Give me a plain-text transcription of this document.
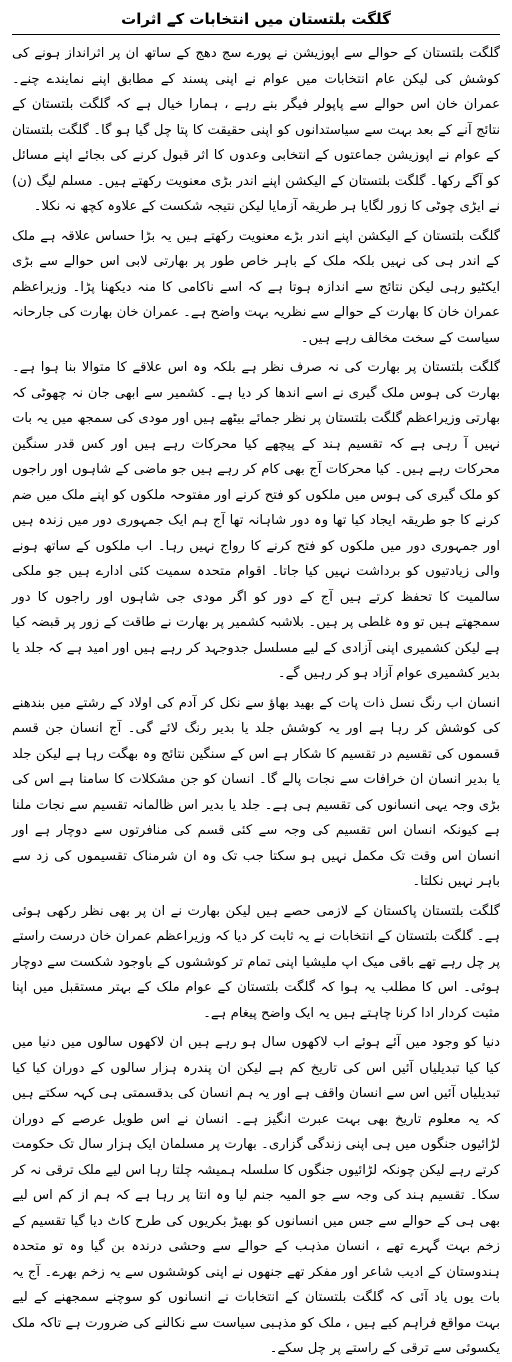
گلگت بلتستان میں انتخابات کے اثرات

گلگت بلتستان کے حوالے سے اپوزیشن نے پورے سج دھج کے ساتھ ان پر اثرانداز ہونے کی کوشش کی لیکن عام انتخابات میں عوام نے اپنی پسند کے مطابق اپنے نمایندے چنے۔ عمران خان اس حوالے سے پاپولر فیگر بنے رہے ، ہمارا خیال ہے کہ گلگت بلتستان کے نتائج آنے کے بعد بہت سے سیاستدانوں کو اپنی حقیقت کا پتا چل گیا ہو گا۔ گلگت بلتستان کے عوام نے اپوزیشن جماعتوں کے انتخابی وعدوں کا اثر قبول کرنے کی بجائے اپنے مسائل کو آگے رکھا۔ گلگت بلتستان کے الیکشن اپنے اندر بڑی معنویت رکھتے ہیں۔ مسلم لیگ (ن) نے ایڑی چوٹی کا زور لگایا ہر طریقہ آزمایا لیکن نتیجہ شکست کے علاوہ کچھ نہ نکلا۔

گلگت بلتستان کے الیکشن اپنے اندر بڑے معنویت رکھتے ہیں یہ بڑا حساس علاقہ ہے ملک کے اندر ہی کی نہیں بلکہ ملک کے باہر خاص طور پر بھارتی لابی اس حوالے سے بڑی ایکٹیو رہی لیکن نتائج سے اندازہ ہوتا ہے کہ اسے ناکامی کا منہ دیکھنا پڑا۔ وزیراعظم عمران خان کا بھارت کے حوالے سے نظریہ بہت واضح ہے۔ عمران خان بھارت کی جارحانہ سیاست کے سخت مخالف رہے ہیں۔

گلگت بلتستان پر بھارت کی نہ صرف نظر ہے بلکہ وہ اس علاقے کا متوالا بنا ہوا ہے۔ بھارت کی ہوس ملک گیری نے اسے اندھا کر دیا ہے۔ کشمیر سے ابھی جان نہ چھوٹی کہ بھارتی وزیراعظم گلگت بلتستان پر نظر جمائے بیٹھے ہیں اور مودی کی سمجھ میں یہ بات نہیں آ رہی ہے کہ تقسیم ہند کے پیچھے کیا محرکات رہے ہیں اور کس قدر سنگین محرکات رہے ہیں۔ کیا محرکات آج بھی کام کر رہے ہیں جو ماضی کے شاہوں اور راجوں کو ملک گیری کی ہوس میں ملکوں کو فتح کرنے اور مفتوحہ ملکوں کو اپنے ملک میں ضم کرنے کا جو طریقہ ایجاد کیا تھا وہ دور شاہانہ تھا آج ہم ایک جمہوری دور میں زندہ ہیں اور جمہوری دور میں ملکوں کو فتح کرنے کا رواج نہیں رہا۔ اب ملکوں کے ساتھ ہونے والی زیادتیوں کو برداشت نہیں کیا جاتا۔ اقوام متحدہ سمیت کئی ادارے ہیں جو ملکی سالمیت کا تحفظ کرتے ہیں آج کے دور کو اگر مودی جی شاہوں اور راجوں کا دور سمجھتے ہیں تو وہ غلطی پر ہیں۔ بلاشبہ کشمیر پر بھارت نے طاقت کے زور پر قبضہ کیا ہے لیکن کشمیری اپنی آزادی کے لیے مسلسل جدوجہد کر رہے ہیں اور امید ہے کہ جلد یا بدیر کشمیری عوام آزاد ہو کر رہیں گے۔

انسان اب رنگ نسل ذات پات کے بھید بھاؤ سے نکل کر آدم کی اولاد کے رشتے میں بندھنے کی کوشش کر رہا ہے اور یہ کوشش جلد یا بدیر رنگ لائے گی۔ آج انسان جن قسم قسموں کی تقسیم در تقسیم کا شکار ہے اس کے سنگین نتائج وہ بھگت رہا ہے لیکن جلد یا بدیر انسان ان خرافات سے نجات پالے گا۔ انسان کو جن مشکلات کا سامنا ہے اس کی بڑی وجہ یہی انسانوں کی تقسیم ہی ہے۔ جلد یا بدیر اس ظالمانہ تقسیم سے نجات ملنا ہے کیونکہ انسان اس تقسیم کی وجہ سے کئی قسم کی منافرتوں سے دوچار ہے اور انسان اس وقت تک مکمل نہیں ہو سکتا جب تک وہ ان شرمناک تقسیموں کی زد سے باہر نہیں نکلتا۔

گلگت بلتستان پاکستان کے لازمی حصے ہیں لیکن بھارت نے ان پر بھی نظر رکھی ہوئی ہے۔ گلگت بلتستان کے انتخابات نے یہ ثابت کر دیا کہ وزیراعظم عمران خان درست راستے پر چل رہے تھے باقی میک اپ ملیشیا اپنی تمام تر کوششوں کے باوجود شکست سے دوچار ہوئی۔ اس کا مطلب یہ ہوا کہ گلگت بلتستان کے عوام ملک کے بہتر مستقبل میں اپنا مثبت کردار ادا کرنا چاہتے ہیں یہ ایک واضح پیغام ہے۔

دنیا کو وجود میں آئے ہوئے اب لاکھوں سال ہو رہے ہیں ان لاکھوں سالوں میں دنیا میں کیا کیا تبدیلیاں آئیں اس کی تاریخ کم ہے لیکن ان پندرہ ہزار سالوں کے دوران کیا کیا تبدیلیاں آئیں اس سے انسان واقف ہے اور یہ ہم انسان کی بدقسمتی ہی کہہ سکتے ہیں کہ یہ معلوم تاریخ بھی بہت عبرت انگیز ہے۔ انسان نے اس طویل عرصے کے دوران لڑائیوں جنگوں میں ہی اپنی زندگی گزاری۔ بھارت پر مسلمان ایک ہزار سال تک حکومت کرتے رہے لیکن چونکہ لڑائیوں جنگوں کا سلسلہ ہمیشہ چلتا رہا اس لیے ملک ترقی نہ کر سکا۔ تقسیم ہند کی وجہ سے جو المیہ جنم لیا وہ انتا پر رہا ہے کہ ہم از کم اس لیے بھی ہی کے حوالے سے جس میں انسانوں کو بھیڑ بکریوں کی طرح کاٹ دیا گیا تقسیم کے زخم بہت گہرے تھے ، انسان مذہب کے حوالے سے وحشی درندہ بن گیا وہ تو متحدہ ہندوستان کے ادیب شاعر اور مفکر تھے جنھوں نے اپنی کوششوں سے یہ زخم بھرے۔ آج یہ بات یوں یاد آئی کہ گلگت بلتستان کے انتخابات نے انسانوں کو سوچنے سمجھنے کے لیے بہت مواقع فراہم کیے ہیں ، ملک کو مذہبی سیاست سے نکالنے کی ضرورت ہے تاکہ ملک یکسوئی سے ترقی کے راستے پر چل سکے۔
